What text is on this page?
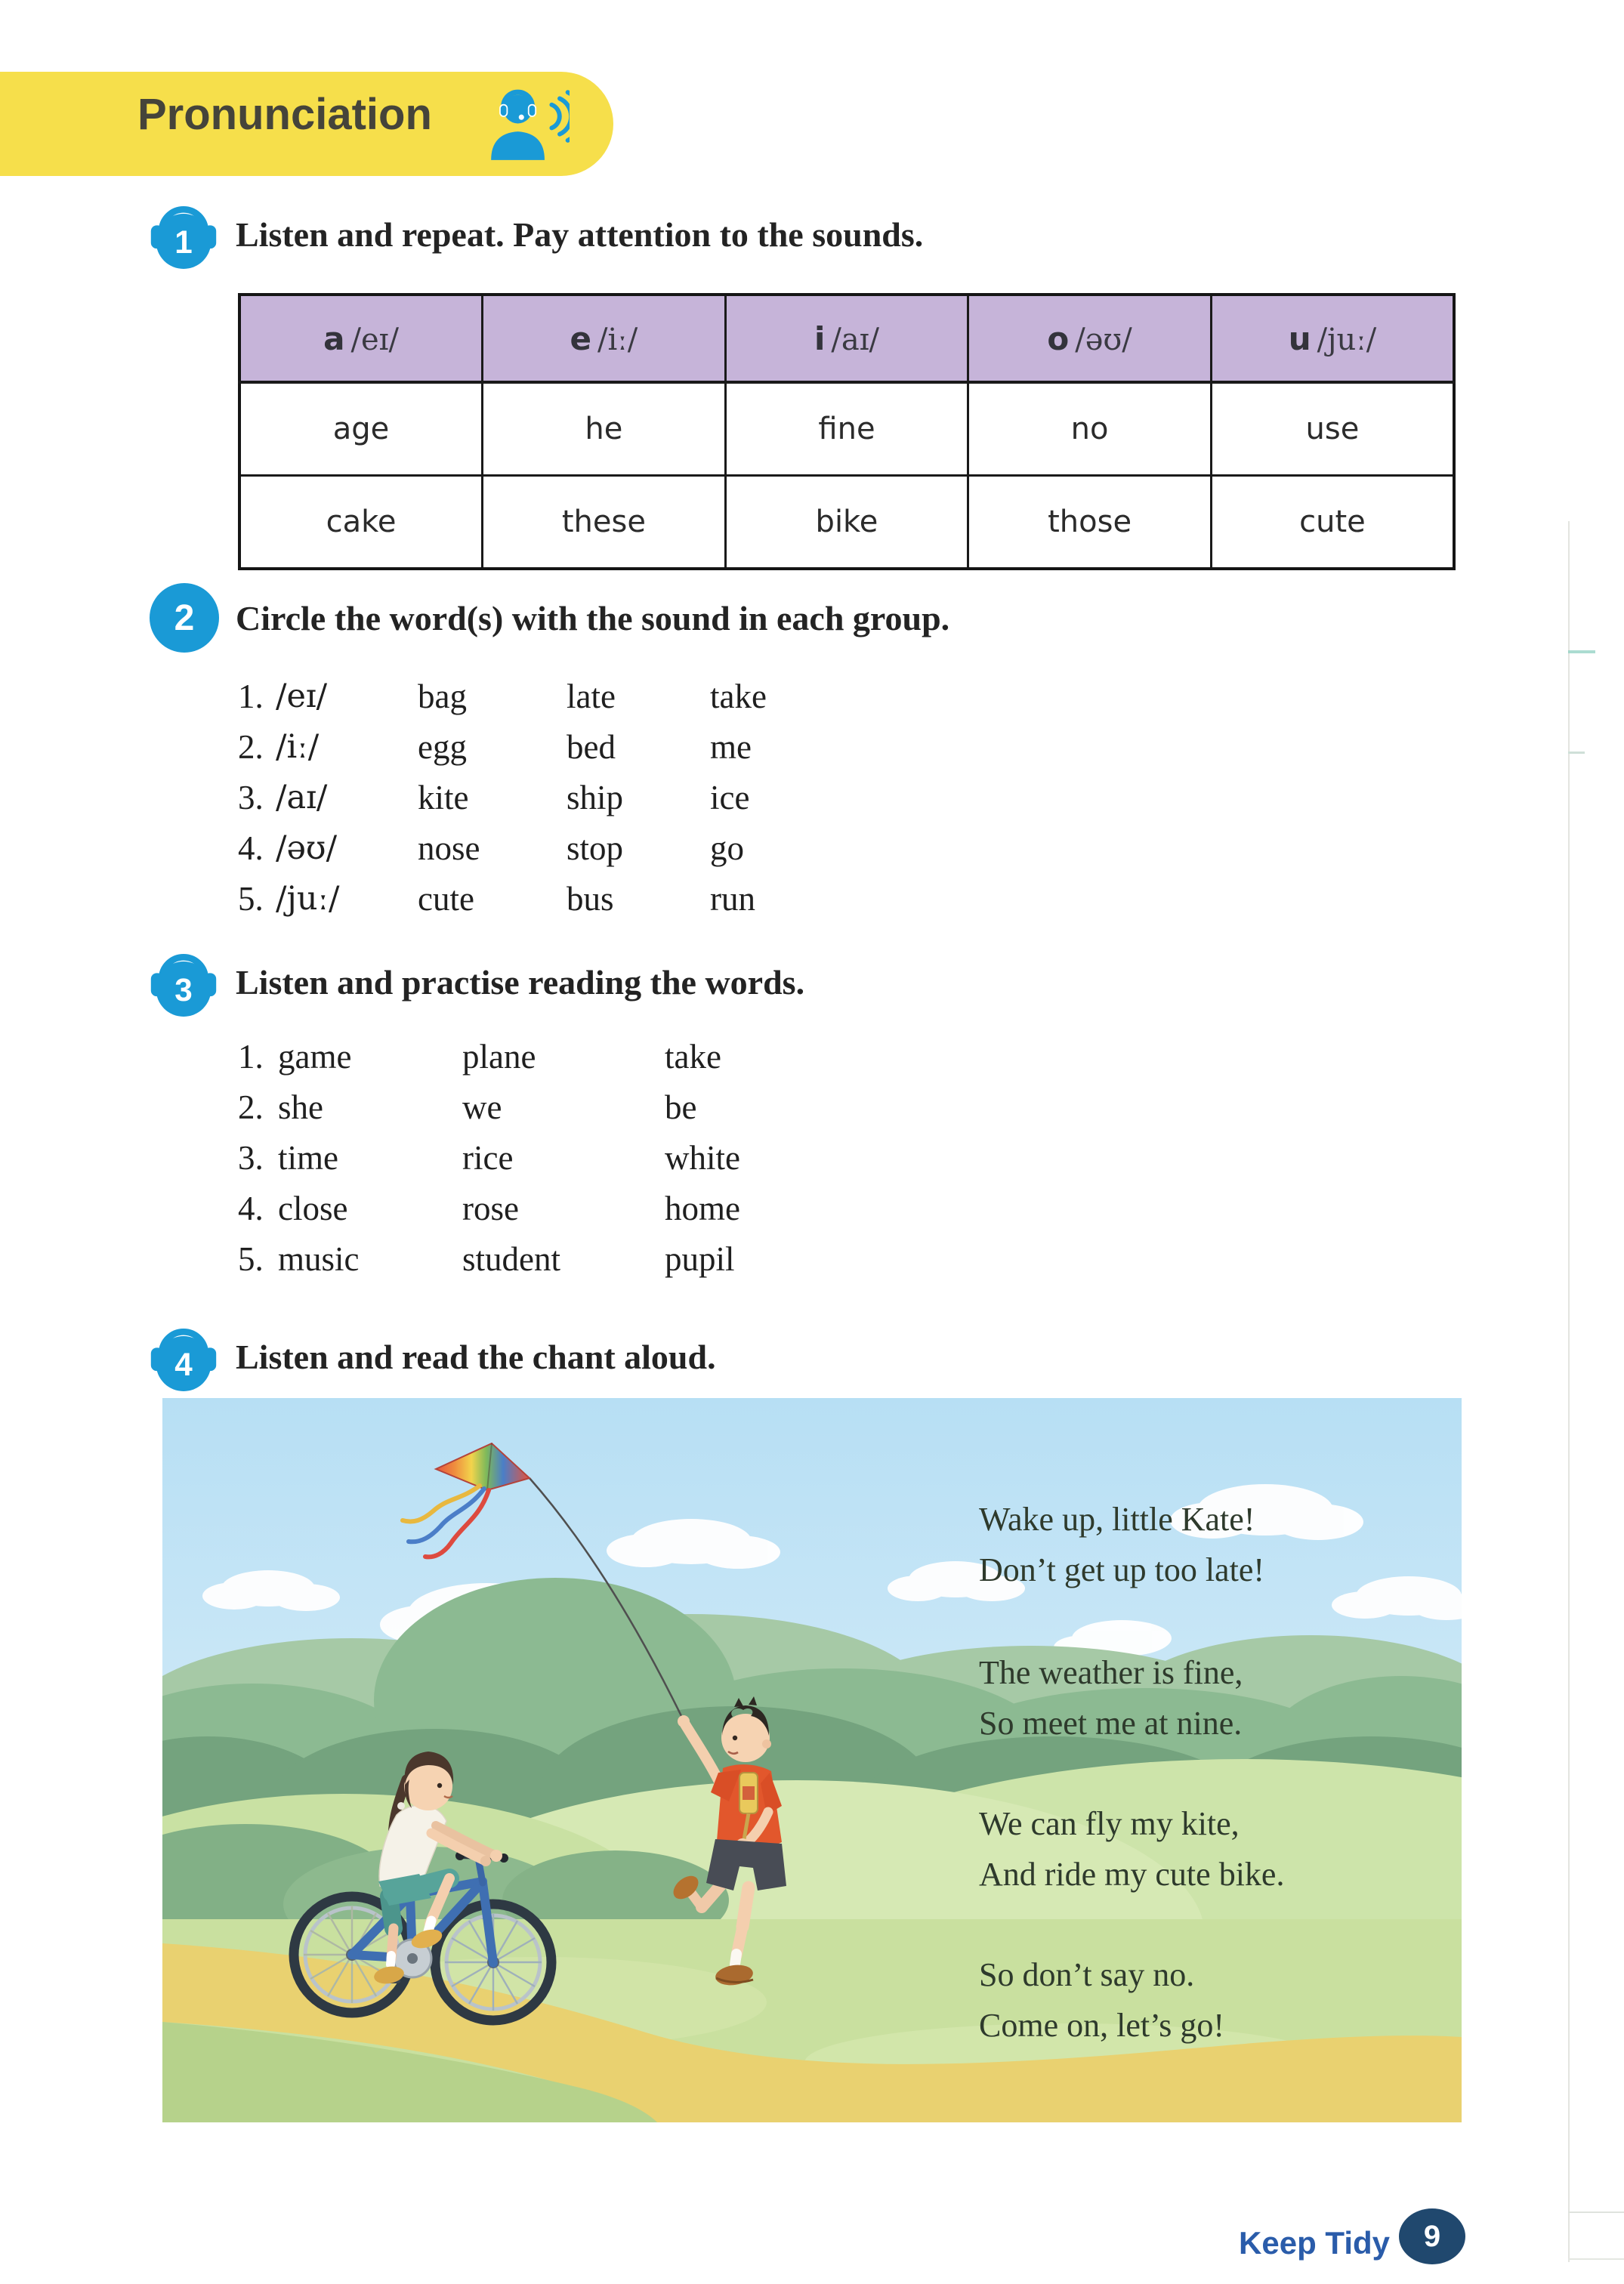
Pronunciation
1 Listen and repeat. Pay attention to the sounds.
a /eɪ/	e /iː/	i /aɪ/	o /əʊ/	u /juː/
age	he	fine	no	use
cake	these	bike	those	cute
2 Circle the word(s) with the sound in each group.
1. /eɪ/	bag	late	take
2. /iː/	egg	bed	me
3. /aɪ/	kite	ship	ice
4. /əʊ/	nose	stop	go
5. /juː/	cute	bus	run
3 Listen and practise reading the words.
1. game	plane	take
2. she	we	be
3. time	rice	white
4. close	rose	home
5. music	student	pupil
4 Listen and read the chant aloud.
Wake up, little Kate!
Don’t get up too late!
The weather is fine,
So meet me at nine.
We can fly my kite,
And ride my cute bike.
So don’t say no.
Come on, let’s go!
Keep Tidy 9
